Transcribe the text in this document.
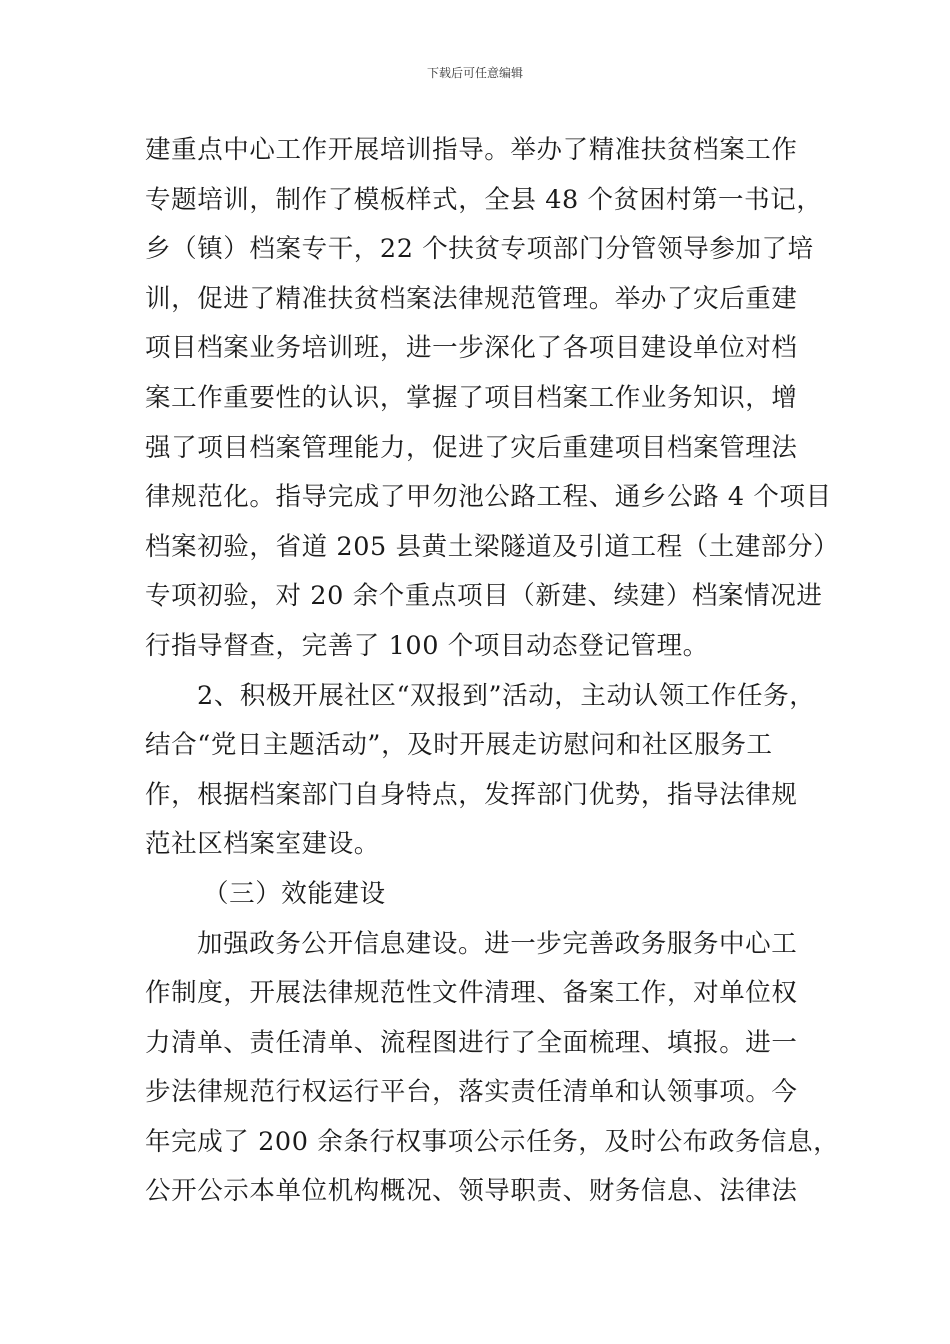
下载后可任意编辑
建重点中心工作开展培训指导。举办了精准扶贫档案工作
专题培训，制作了模板样式，全县 48 个贫困村第一书记，
乡（镇）档案专干，22 个扶贫专项部门分管领导参加了培
训，促进了精准扶贫档案法律规范管理。举办了灾后重建
项目档案业务培训班，进一步深化了各项目建设单位对档
案工作重要性的认识，掌握了项目档案工作业务知识，增
强了项目档案管理能力，促进了灾后重建项目档案管理法
律规范化。指导完成了甲勿池公路工程、通乡公路 4 个项目
档案初验，省道 205 县黄土梁隧道及引道工程（土建部分）
专项初验，对 20 余个重点项目（新建、续建）档案情况进
行指导督查，完善了 100 个项目动态登记管理。
2、积极开展社区“双报到”活动，主动认领工作任务，
结合“党日主题活动”，及时开展走访慰问和社区服务工
作，根据档案部门自身特点，发挥部门优势，指导法律规
范社区档案室建设。
（三）效能建设
加强政务公开信息建设。进一步完善政务服务中心工
作制度，开展法律规范性文件清理、备案工作，对单位权
力清单、责任清单、流程图进行了全面梳理、填报。进一
步法律规范行权运行平台，落实责任清单和认领事项。今
年完成了 200 余条行权事项公示任务，及时公布政务信息，
公开公示本单位机构概况、领导职责、财务信息、法律法
